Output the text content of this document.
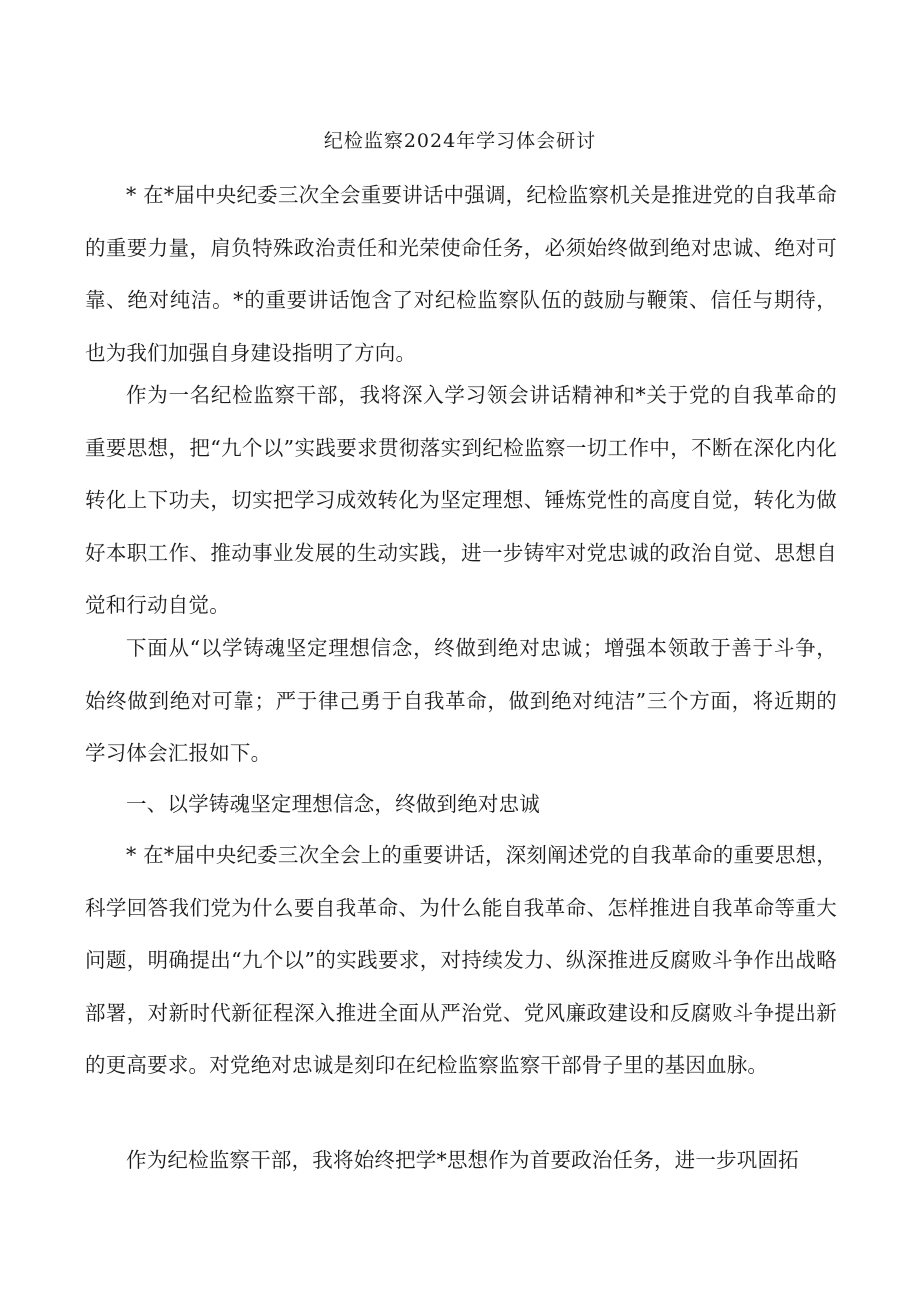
纪检监察2024年学习体会研讨

* 在*届中央纪委三次全会重要讲话中强调，纪检监察机关是推进党的自我革命的重要力量，肩负特殊政治责任和光荣使命任务，必须始终做到绝对忠诚、绝对可靠、绝对纯洁。*的重要讲话饱含了对纪检监察队伍的鼓励与鞭策、信任与期待，也为我们加强自身建设指明了方向。

作为一名纪检监察干部，我将深入学习领会讲话精神和*关于党的自我革命的重要思想，把“九个以”实践要求贯彻落实到纪检监察一切工作中，不断在深化内化转化上下功夫，切实把学习成效转化为坚定理想、锤炼党性的高度自觉，转化为做好本职工作、推动事业发展的生动实践，进一步铸牢对党忠诚的政治自觉、思想自觉和行动自觉。

下面从“以学铸魂坚定理想信念，终做到绝对忠诚；增强本领敢于善于斗争，始终做到绝对可靠；严于律己勇于自我革命，做到绝对纯洁”三个方面，将近期的学习体会汇报如下。

一、以学铸魂坚定理想信念，终做到绝对忠诚

* 在*届中央纪委三次全会上的重要讲话，深刻阐述党的自我革命的重要思想，科学回答我们党为什么要自我革命、为什么能自我革命、怎样推进自我革命等重大问题，明确提出“九个以”的实践要求，对持续发力、纵深推进反腐败斗争作出战略部署，对新时代新征程深入推进全面从严治党、党风廉政建设和反腐败斗争提出新的更高要求。对党绝对忠诚是刻印在纪检监察监察干部骨子里的基因血脉。

作为纪检监察干部，我将始终把学*思想作为首要政治任务，进一步巩固拓
